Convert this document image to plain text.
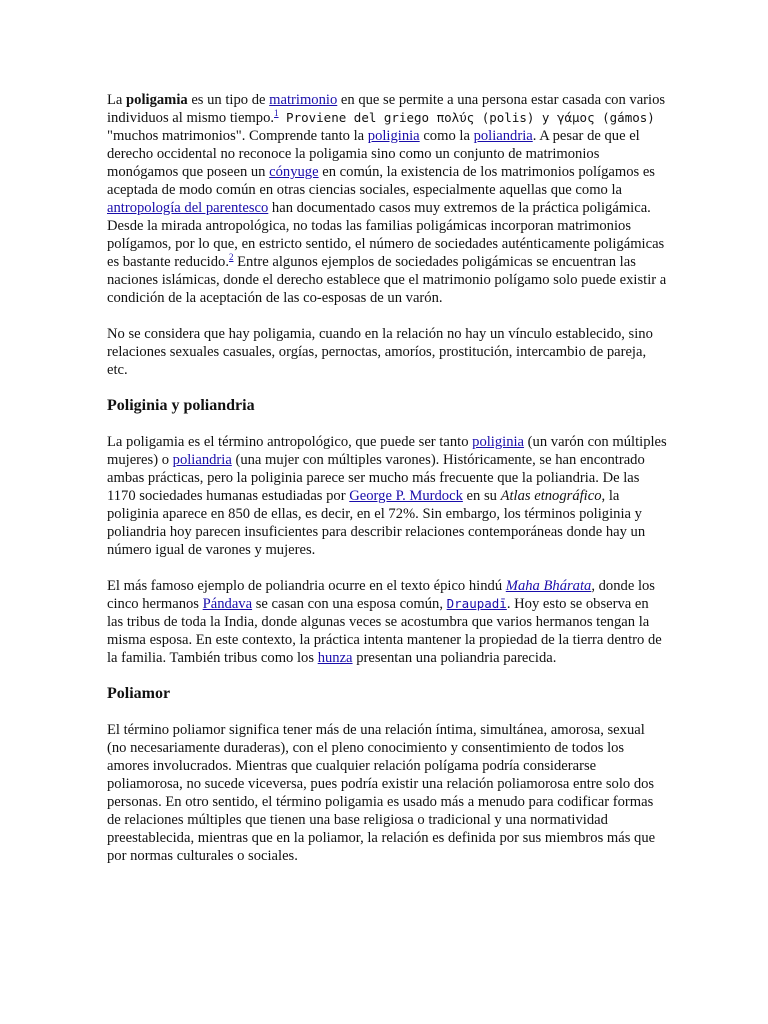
La poligamia es un tipo de matrimonio en que se permite a una persona estar casada con varios individuos al mismo tiempo.$^1$ Proviene del griego πολύς (polis) y γάμος (gámos) "muchos matrimonios". Comprende tanto la poliginia como la poliandria. A pesar de que el derecho occidental no reconoce la poligamia sino como un conjunto de matrimonios monógamos que poseen un cónyuge en común, la existencia de los matrimonios polígamos es aceptada de modo común en otras ciencias sociales, especialmente aquellas que como la antropología del parentesco han documentado casos muy extremos de la práctica poligámica. Desde la mirada antropológica, no todas las familias poligámicas incorporan matrimonios polígamos, por lo que, en estricto sentido, el número de sociedades auténticamente poligámicas es bastante reducido.$^2$ Entre algunos ejemplos de sociedades poligámicas se encuentran las naciones islámicas, donde el derecho establece que el matrimonio polígamo solo puede existir a condición de la aceptación de las co-esposas de un varón.

No se considera que hay poligamia, cuando en la relación no hay un vínculo establecido, sino relaciones sexuales casuales, orgías, pernoctas, amoríos, prostitución, intercambio de pareja, etc.

Poliginia y poliandria

La poligamia es el término antropológico, que puede ser tanto poliginia (un varón con múltiples mujeres) o poliandria (una mujer con múltiples varones). Históricamente, se han encontrado ambas prácticas, pero la poliginia parece ser mucho más frecuente que la poliandria. De las 1170 sociedades humanas estudiadas por George P. Murdock en su Atlas etnográfico, la poliginia aparece en 850 de ellas, es decir, en el 72%. Sin embargo, los términos poliginia y poliandria hoy parecen insuficientes para describir relaciones contemporáneas donde hay un número igual de varones y mujeres.

El más famoso ejemplo de poliandria ocurre en el texto épico hindú Maha Bhárata, donde los cinco hermanos Pándava se casan con una esposa común, Draupadī. Hoy esto se observa en las tribus de toda la India, donde algunas veces se acostumbra que varios hermanos tengan la misma esposa. En este contexto, la práctica intenta mantener la propiedad de la tierra dentro de la familia. También tribus como los hunza presentan una poliandria parecida.

Poliamor

El término poliamor significa tener más de una relación íntima, simultánea, amorosa, sexual (no necesariamente duraderas), con el pleno conocimiento y consentimiento de todos los amores involucrados. Mientras que cualquier relación polígama podría considerarse poliamorosa, no sucede viceversa, pues podría existir una relación poliamorosa entre solo dos personas. En otro sentido, el término poligamia es usado más a menudo para codificar formas de relaciones múltiples que tienen una base religiosa o tradicional y una normatividad preestablecida, mientras que en la poliamor, la relación es definida por sus miembros más que por normas culturales o sociales.
